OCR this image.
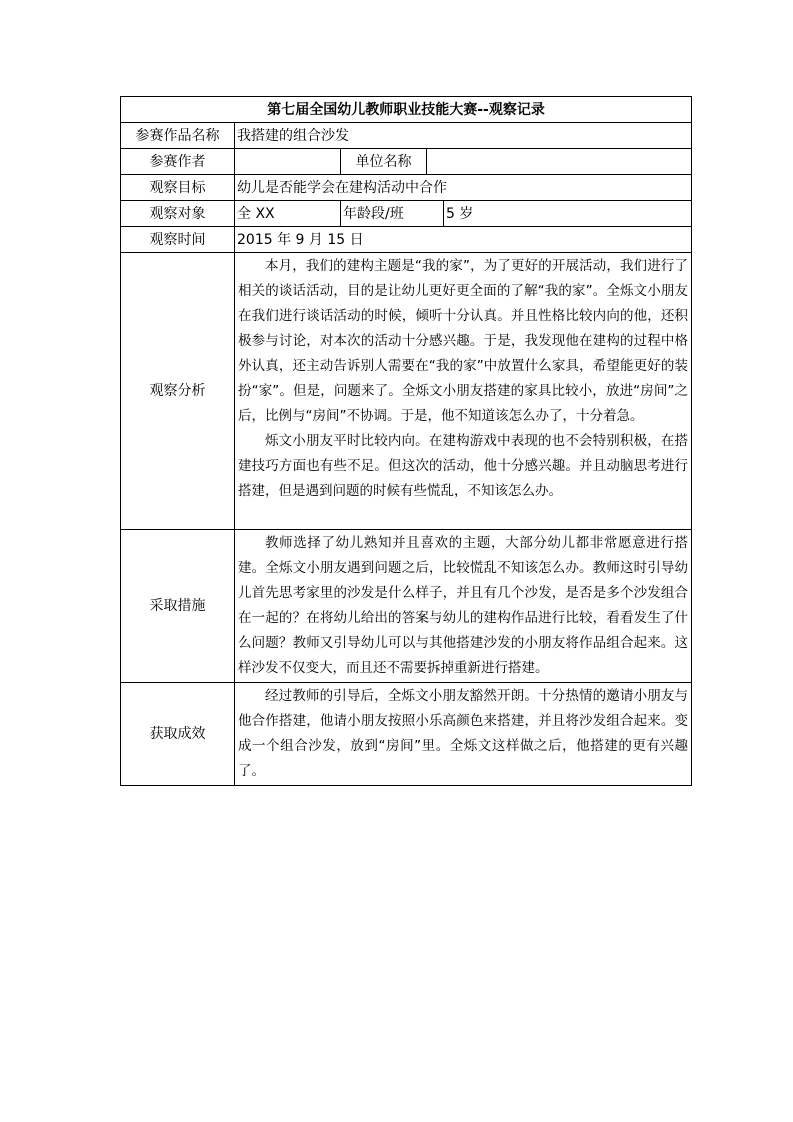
第七届全国幼儿教师职业技能大赛--观察记录				
参赛作品名称	我搭建的组合沙发			
参赛作者		单位名称		
观察目标	幼儿是否能学会在建构活动中合作			
观察对象	全 XX	年龄段/班		5 岁
观察时间	2015 年 9 月 15 日			
观察分析	本月，我们的建构主题是“我的家”，为了更好的开展活动，我们进行了相关的谈话活动，目的是让幼儿更好更全面的了解“我的家”。全烁文小朋友在我们进行谈话活动的时候，倾听十分认真。并且性格比较内向的他，还积极参与讨论，对本次的活动十分感兴趣。于是，我发现他在建构的过程中格外认真，还主动告诉别人需要在“我的家”中放置什么家具，希望能更好的装扮“家”。但是，问题来了。全烁文小朋友搭建的家具比较小，放进“房间”之后，比例与“房间”不协调。于是，他不知道该怎么办了，十分着急。

烁文小朋友平时比较内向。在建构游戏中表现的也不会特别积极，在搭建技巧方面也有些不足。但这次的活动，他十分感兴趣。并且动脑思考进行搭建，但是遇到问题的时候有些慌乱，不知该怎么办。			

采取措施	教师选择了幼儿熟知并且喜欢的主题，大部分幼儿都非常愿意进行搭建。全烁文小朋友遇到问题之后，比较慌乱不知该怎么办。教师这时引导幼儿首先思考家里的沙发是什么样子，并且有几个沙发，是否是多个沙发组合在一起的？在将幼儿给出的答案与幼儿的建构作品进行比较，看看发生了什么问题？教师又引导幼儿可以与其他搭建沙发的小朋友将作品组合起来。这样沙发不仅变大，而且还不需要拆掉重新进行搭建。			

获取成效	经过教师的引导后，全烁文小朋友豁然开朗。十分热情的邀请小朋友与他合作搭建，他请小朋友按照小乐高颜色来搭建，并且将沙发组合起来。变成一个组合沙发，放到“房间”里。全烁文这样做之后，他搭建的更有兴趣了。			
